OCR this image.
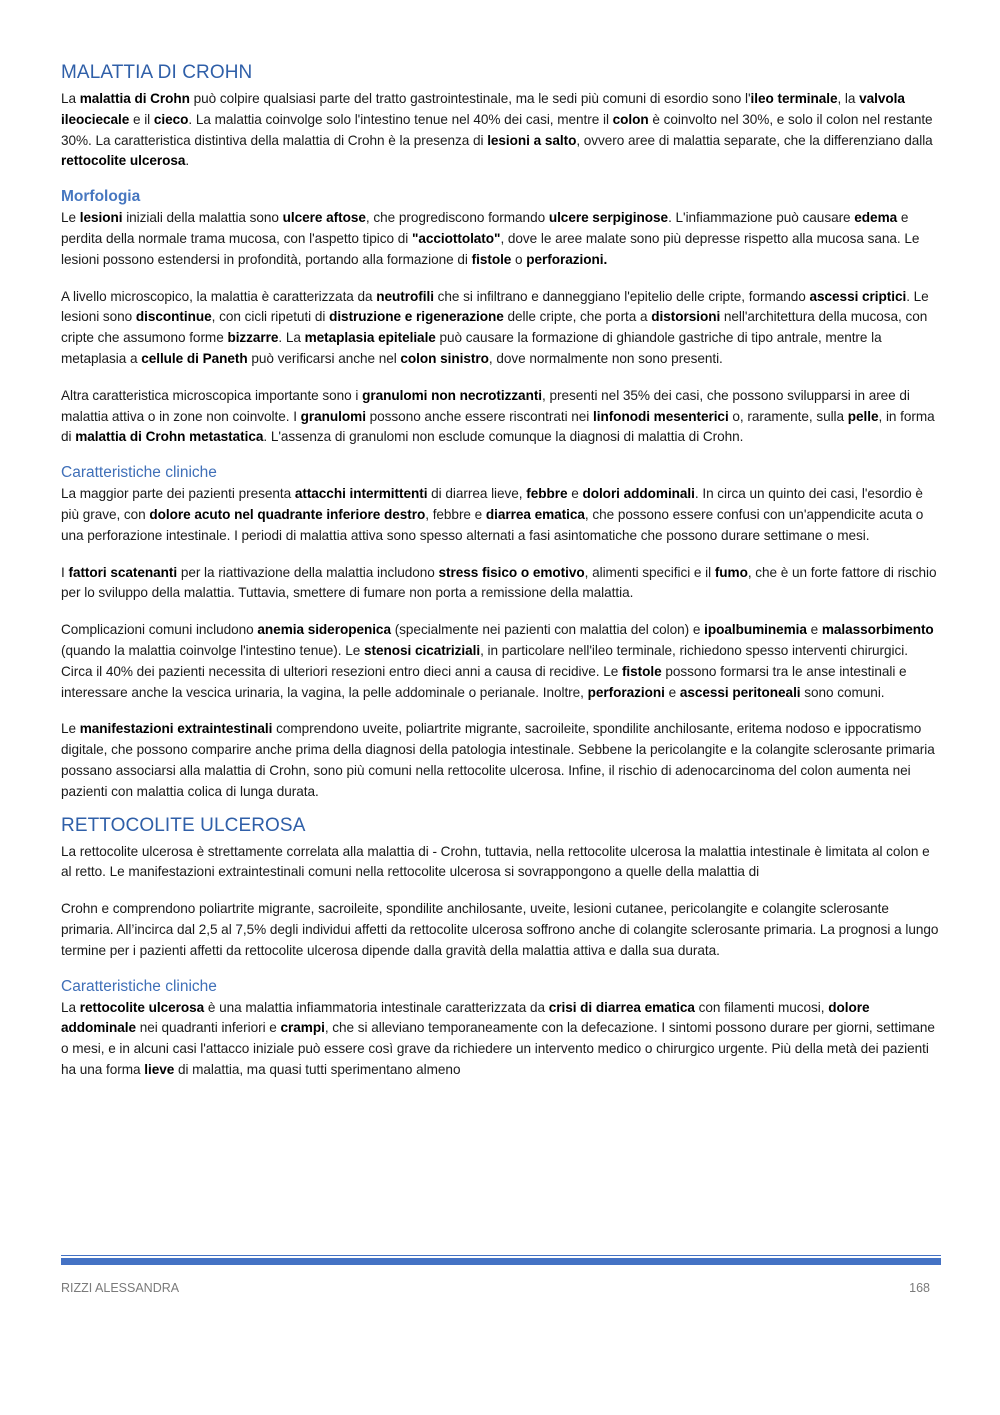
MALATTIA DI CROHN

La malattia di Crohn può colpire qualsiasi parte del tratto gastrointestinale, ma le sedi più comuni di esordio sono l'ileo terminale, la valvola ileociecale e il cieco. La malattia coinvolge solo l'intestino tenue nel 40% dei casi, mentre il colon è coinvolto nel 30%, e solo il colon nel restante 30%. La caratteristica distintiva della malattia di Crohn è la presenza di lesioni a salto, ovvero aree di malattia separate, che la differenziano dalla rettocolite ulcerosa.

Morfologia

Le lesioni iniziali della malattia sono ulcere aftose, che progrediscono formando ulcere serpiginose. L'infiammazione può causare edema e perdita della normale trama mucosa, con l'aspetto tipico di "acciottolato", dove le aree malate sono più depresse rispetto alla mucosa sana. Le lesioni possono estendersi in profondità, portando alla formazione di fistole o perforazioni.

A livello microscopico, la malattia è caratterizzata da neutrofili che si infiltrano e danneggiano l'epitelio delle cripte, formando ascessi criptici. Le lesioni sono discontinue, con cicli ripetuti di distruzione e rigenerazione delle cripte, che porta a distorsioni nell'architettura della mucosa, con cripte che assumono forme bizzarre. La metaplasia epiteliale può causare la formazione di ghiandole gastriche di tipo antrale, mentre la metaplasia a cellule di Paneth può verificarsi anche nel colon sinistro, dove normalmente non sono presenti.

Altra caratteristica microscopica importante sono i granulomi non necrotizzanti, presenti nel 35% dei casi, che possono svilupparsi in aree di malattia attiva o in zone non coinvolte. I granulomi possono anche essere riscontrati nei linfonodi mesenterici o, raramente, sulla pelle, in forma di malattia di Crohn metastatica. L'assenza di granulomi non esclude comunque la diagnosi di malattia di Crohn.

Caratteristiche cliniche

La maggior parte dei pazienti presenta attacchi intermittenti di diarrea lieve, febbre e dolori addominali. In circa un quinto dei casi, l'esordio è più grave, con dolore acuto nel quadrante inferiore destro, febbre e diarrea ematica, che possono essere confusi con un'appendicite acuta o una perforazione intestinale. I periodi di malattia attiva sono spesso alternati a fasi asintomatiche che possono durare settimane o mesi.

I fattori scatenanti per la riattivazione della malattia includono stress fisico o emotivo, alimenti specifici e il fumo, che è un forte fattore di rischio per lo sviluppo della malattia. Tuttavia, smettere di fumare non porta a remissione della malattia.

Complicazioni comuni includono anemia sideropenica (specialmente nei pazienti con malattia del colon) e ipoalbuminemia e malassorbimento (quando la malattia coinvolge l'intestino tenue). Le stenosi cicatriziali, in particolare nell'ileo terminale, richiedono spesso interventi chirurgici. Circa il 40% dei pazienti necessita di ulteriori resezioni entro dieci anni a causa di recidive. Le fistole possono formarsi tra le anse intestinali e interessare anche la vescica urinaria, la vagina, la pelle addominale o perianale. Inoltre, perforazioni e ascessi peritoneali sono comuni.

Le manifestazioni extraintestinali comprendono uveite, poliartrite migrante, sacroileite, spondilite anchilosante, eritema nodoso e ippocratismo digitale, che possono comparire anche prima della diagnosi della patologia intestinale. Sebbene la pericolangite e la colangite sclerosante primaria possano associarsi alla malattia di Crohn, sono più comuni nella rettocolite ulcerosa. Infine, il rischio di adenocarcinoma del colon aumenta nei pazienti con malattia colica di lunga durata.

RETTOCOLITE ULCEROSA

La rettocolite ulcerosa è strettamente correlata alla malattia di - Crohn, tuttavia, nella rettocolite ulcerosa la malattia intestinale è limitata al colon e al retto. Le manifestazioni extraintestinali comuni nella rettocolite ulcerosa si sovrappongono a quelle della malattia di

Crohn e comprendono poliartrite migrante, sacroileite, spondilite anchilosante, uveite, lesioni cutanee, pericolangite e colangite sclerosante primaria. All’incirca dal 2,5 al 7,5% degli individui affetti da rettocolite ulcerosa soffrono anche di colangite sclerosante primaria. La prognosi a lungo termine per i pazienti affetti da rettocolite ulcerosa dipende dalla gravità della malattia attiva e dalla sua durata.

Caratteristiche cliniche

La rettocolite ulcerosa è una malattia infiammatoria intestinale caratterizzata da crisi di diarrea ematica con filamenti mucosi, dolore addominale nei quadranti inferiori e crampi, che si alleviano temporaneamente con la defecazione. I sintomi possono durare per giorni, settimane o mesi, e in alcuni casi l'attacco iniziale può essere così grave da richiedere un intervento medico o chirurgico urgente. Più della metà dei pazienti ha una forma lieve di malattia, ma quasi tutti sperimentano almeno

RIZZI ALESSANDRA	168
